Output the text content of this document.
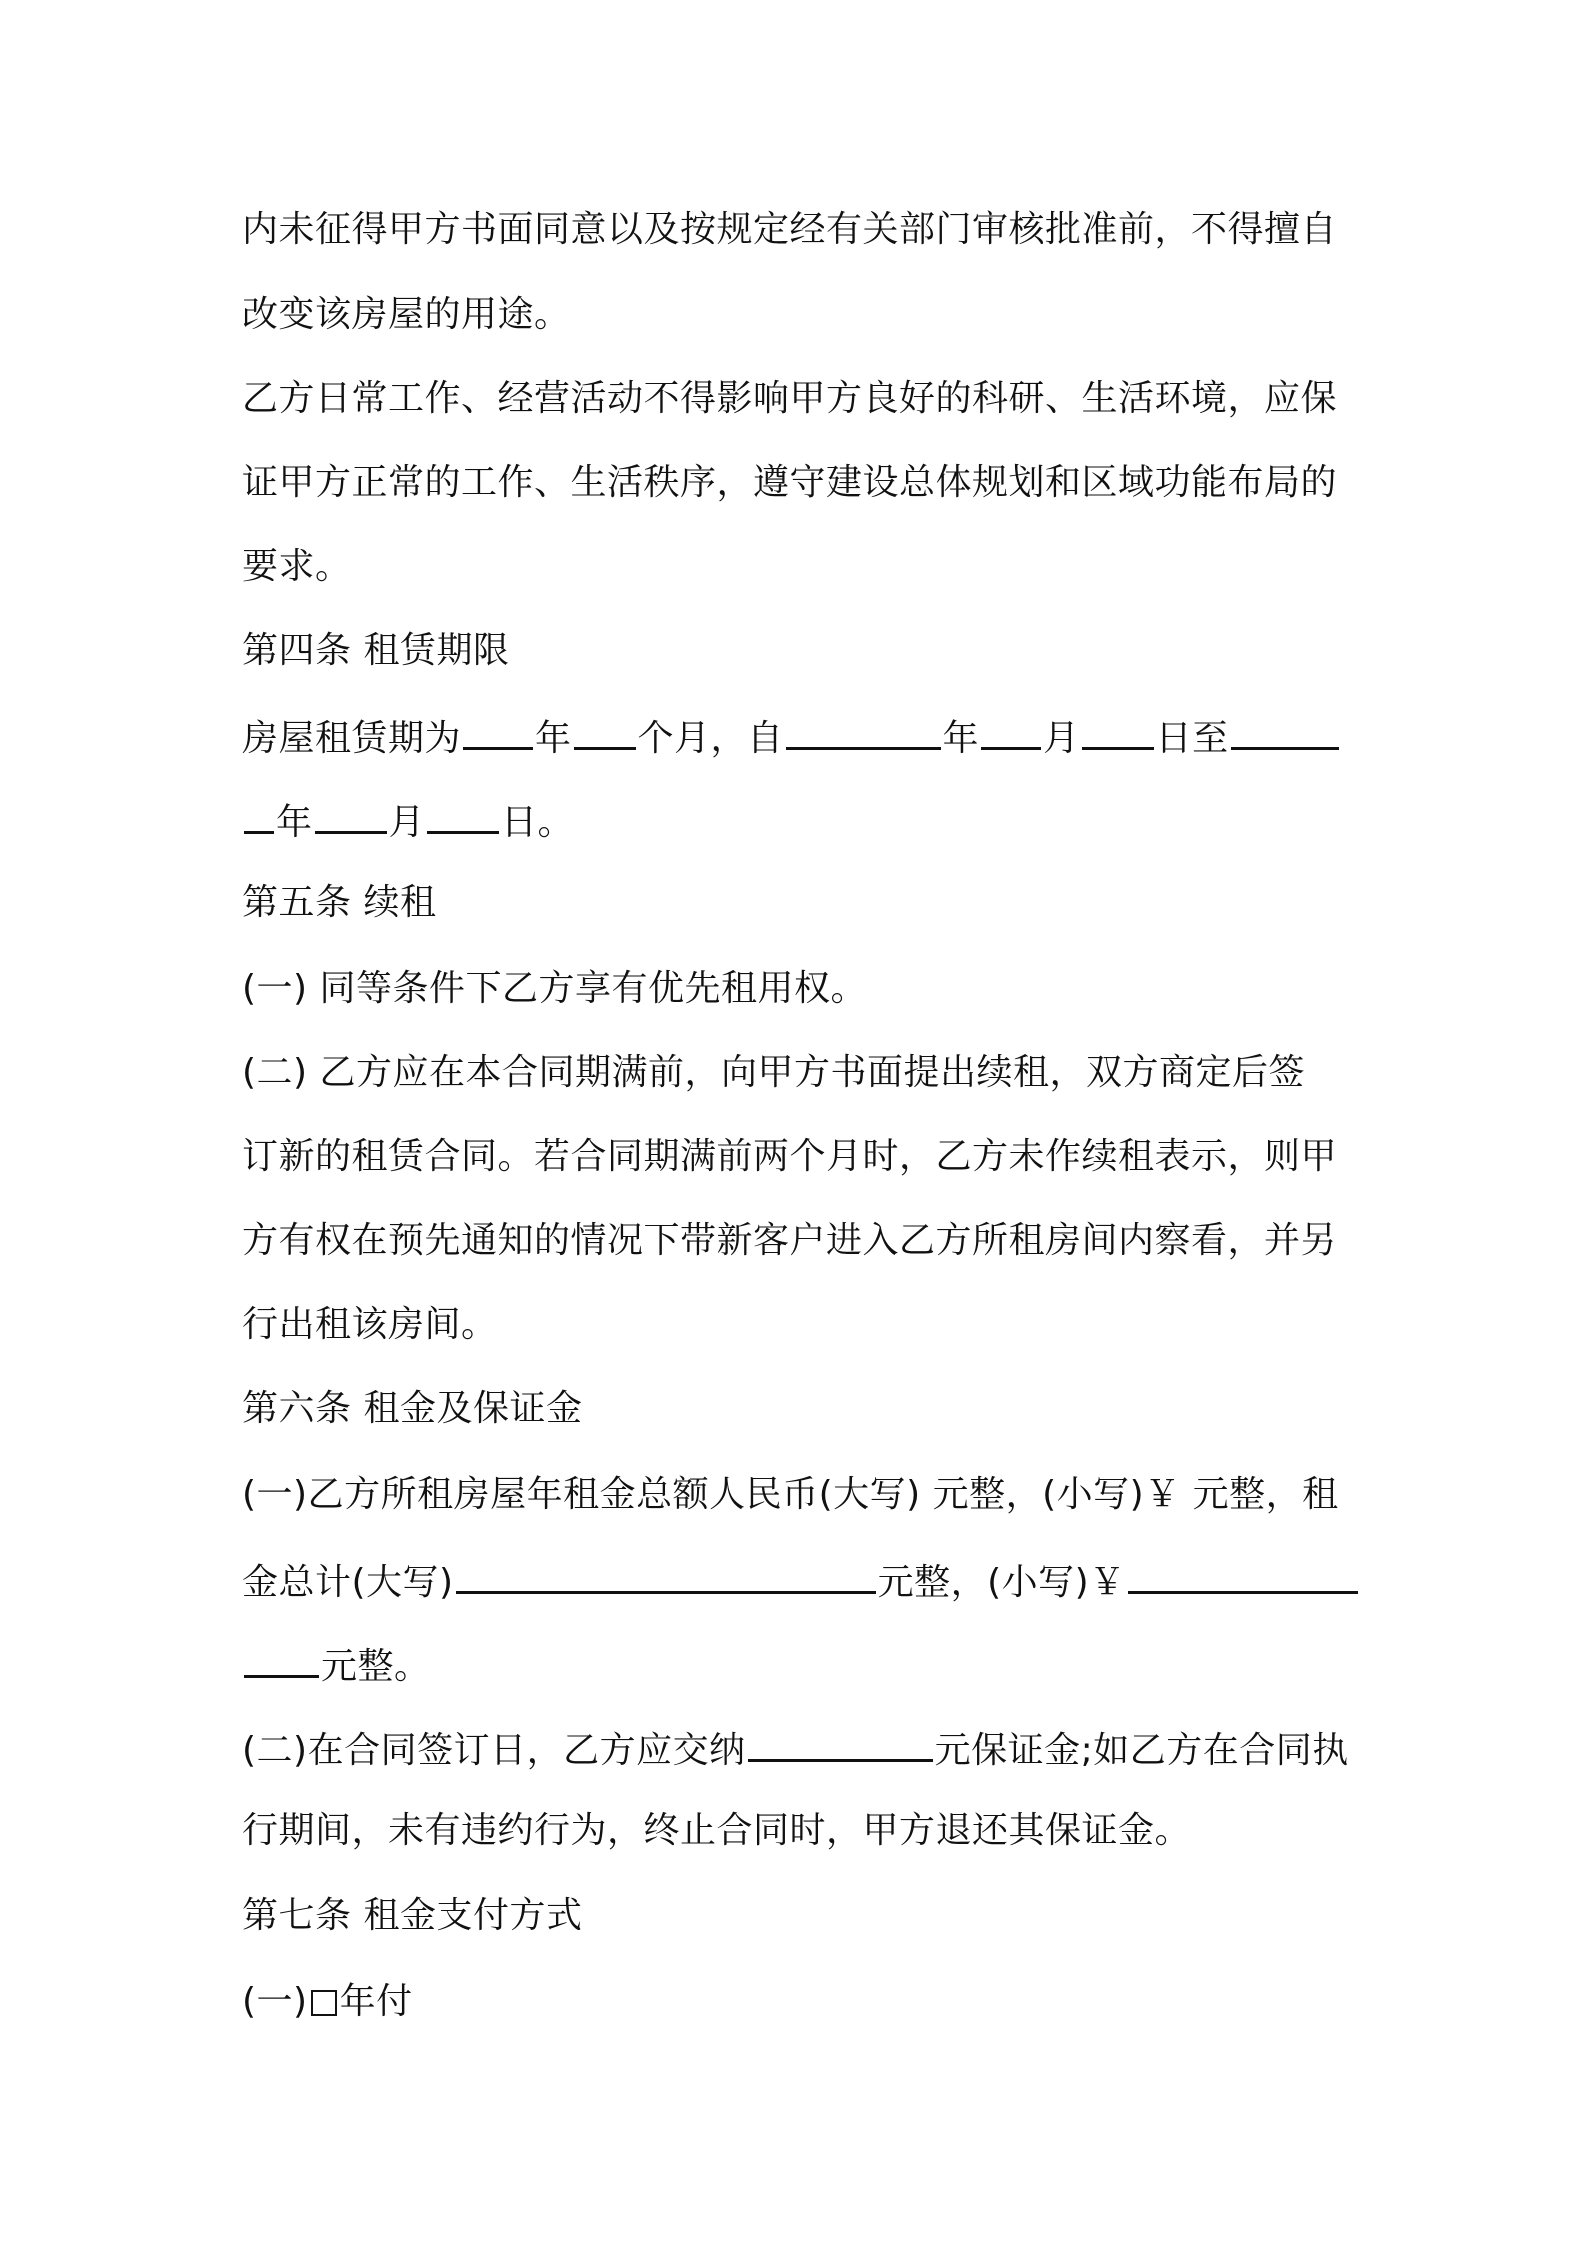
内未征得甲方书面同意以及按规定经有关部门审核批准前，不得擅自
改变该房屋的用途。
乙方日常工作、经营活动不得影响甲方良好的科研、生活环境，应保
证甲方正常的工作、生活秩序，遵守建设总体规划和区域功能布局的
要求。
第四条 租赁期限
房屋租赁期为 年 个月，自	年 月 日至
年 月 日。
第五条 续租
(一) 同等条件下乙方享有优先租用权。
(二) 乙方应在本合同期满前，向甲方书面提出续租，双方商定后签
订新的租赁合同。若合同期满前两个月时，乙方未作续租表示，则甲
方有权在预先通知的情况下带新客户进入乙方所租房间内察看，并另
行出租该房间。
第六条 租金及保证金
(一)乙方所租房屋年租金总额人民币(大写) 元整，(小写)￥ 元整，租
金总计(大写)	元整，(小写)￥
元整。
(二)在合同签订日，乙方应交纳	元保证金;如乙方在合同执
行期间，未有违约行为，终止合同时，甲方退还其保证金。
第七条 租金支付方式
(一) 年付
